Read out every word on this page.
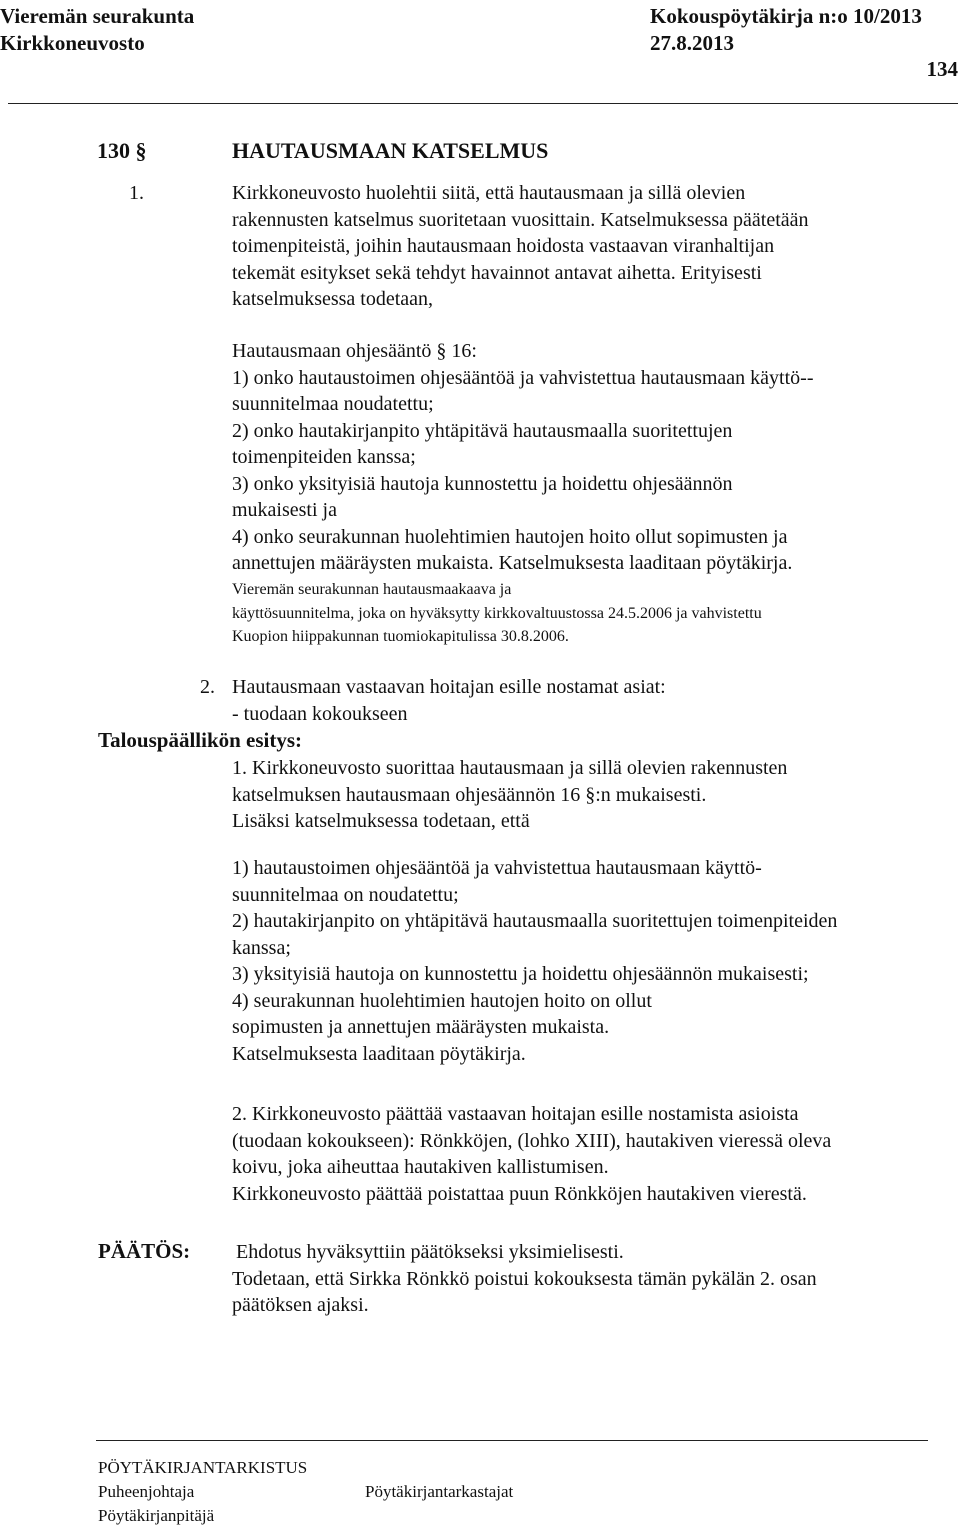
Vieremän seurakunta	Kokouspöytäkirja n:o 10/2013
Kirkkoneuvosto	27.8.2013
134
130 §	HAUTAUSMAAN KATSELMUS
1.	Kirkkoneuvosto huolehtii siitä, että hautausmaan ja sillä olevien
rakennusten katselmus suoritetaan vuosittain. Katselmuksessa päätetään
toimenpiteistä, joihin hautausmaan hoidosta vastaavan viranhaltijan
tekemät esitykset sekä tehdyt havainnot antavat aihetta. Erityisesti
katselmuksessa todetaan,
Hautausmaan ohjesääntö § 16:
1) onko hautaustoimen ohjesääntöä ja vahvistettua hautausmaan käyttö--
suunnitelmaa noudatettu;
2) onko hautakirjanpito yhtäpitävä hautausmaalla suoritettujen
toimenpiteiden kanssa;
3) onko yksityisiä hautoja kunnostettu ja hoidettu ohjesäännön
mukaisesti ja
4) onko seurakunnan huolehtimien hautojen hoito ollut sopimusten ja
annettujen määräysten mukaista. Katselmuksesta laaditaan pöytäkirja.
Vieremän seurakunnan hautausmaakaava ja
käyttösuunnitelma, joka on hyväksytty kirkkovaltuustossa 24.5.2006 ja vahvistettu
Kuopion hiippakunnan tuomiokapitulissa 30.8.2006.
2. Hautausmaan vastaavan hoitajan esille nostamat asiat:
- tuodaan kokoukseen
Talouspäällikön esitys:
1. Kirkkoneuvosto suorittaa hautausmaan ja sillä olevien rakennusten
katselmuksen hautausmaan ohjesäännön 16 §:n mukaisesti.
Lisäksi katselmuksessa todetaan, että
1) hautaustoimen ohjesääntöä ja vahvistettua hautausmaan käyttö-
suunnitelmaa on noudatettu;
2) hautakirjanpito on yhtäpitävä hautausmaalla suoritettujen toimenpiteiden
kanssa;
3) yksityisiä hautoja on kunnostettu ja hoidettu ohjesäännön mukaisesti;
4) seurakunnan huolehtimien hautojen hoito on ollut
sopimusten ja annettujen määräysten mukaista.
Katselmuksesta laaditaan pöytäkirja.
2. Kirkkoneuvosto päättää vastaavan hoitajan esille nostamista asioista
(tuodaan kokoukseen): Rönkköjen, (lohko XIII), hautakiven vieressä oleva
koivu, joka aiheuttaa hautakiven kallistumisen.
Kirkkoneuvosto päättää poistattaa puun Rönkköjen hautakiven vierestä.
PÄÄTÖS: Ehdotus hyväksyttiin päätökseksi yksimielisesti.
Todetaan, että Sirkka Rönkkö poistui kokouksesta tämän pykälän 2. osan
päätöksen ajaksi.
PÖYTÄKIRJANTARKISTUS
Puheenjohtaja	Pöytäkirjantarkastajat
Pöytäkirjanpitäjä
